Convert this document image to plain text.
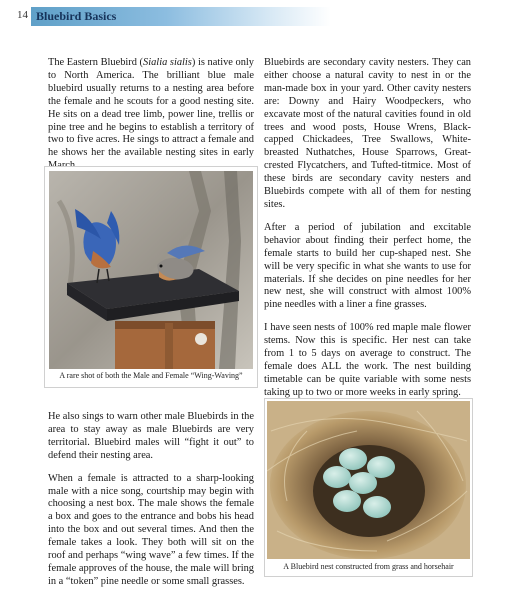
14 Bluebird Basics

The Eastern Bluebird (Sialia sialis) is native only to North America. The brilliant blue male bluebird usually returns to a nesting area before the female and he scouts for a good nesting site. He sits on a dead tree limb, power line, trellis or pine tree and he begins to establish a territory of two to five acres. He sings to attract a female and he shows her the available nesting sites in early

A rare shot of both the Male and Female “Wing-Waving”

Bluebirds are secondary cavity nesters. They can either choose a natural cavity to nest in or the man-made box in your yard. Other cavity nesters are: Downy and Hairy Woodpeckers, who excavate most of the natural cavities found in old trees and wood posts, House Wrens, Black-capped Chickadees, Tree Swallows, White-breasted Nuthatches, House Sparrows, Great-crested Flycatchers, and Tufted-titmice. Most of these birds are secondary cavity nesters and Bluebirds compete with all of them for nesting sites.

After a period of jubilation and excitable behavior about finding their perfect home, the female starts to build her cup-shaped nest. She will be very specific in what she wants to use for materials. If she decides on pine needles for her new nest, she will construct with almost 100% pine needles with a liner a fine grasses.

I have seen nests of 100% red maple male flower stems. Now this is specific. Her nest can take from 1 to 5 days on average to construct. The female does ALL the work. The nest building timetable can be quite variable with some nests taking up to two or more weeks in early spring.

He also sings to warn other male Bluebirds in the area to stay away as male Bluebirds are very territorial. Bluebird males will “fight it out” to defend their nesting area.

When a female is attracted to a sharp-looking male with a nice song, courtship may begin with choosing a nest box. The male shows the female a box and goes to the entrance and bobs his head into the box and out several times. And then the female takes a look. They both will sit on the roof and perhaps “wing wave” a few times. If the female approves of the house, the male will bring in a “token” pine needle or some small grasses.

A Bluebird nest constructed from grass and horsehair
